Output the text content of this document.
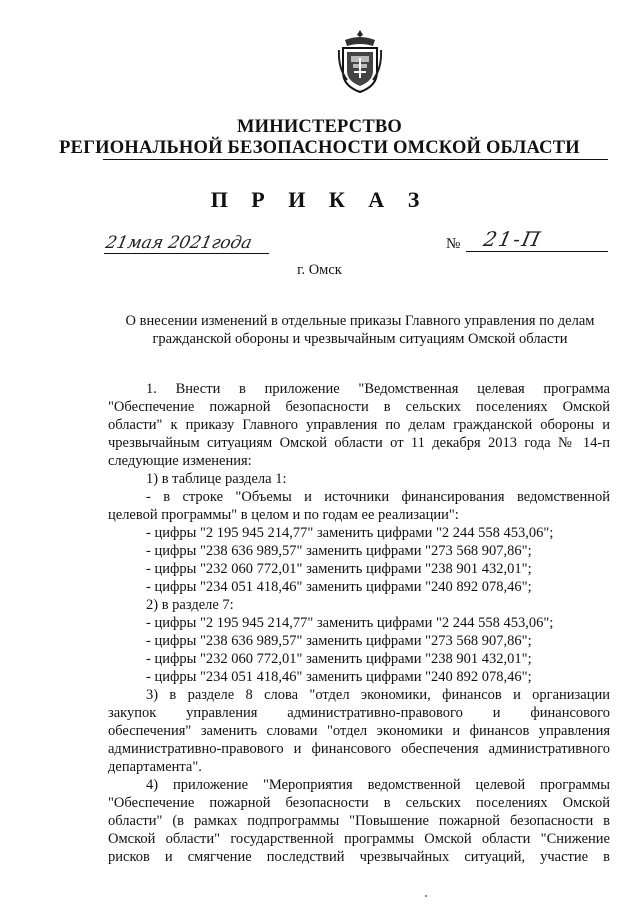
МИНИСТЕРСТВО
РЕГИОНАЛЬНОЙ БЕЗОПАСНОСТИ ОМСКОЙ ОБЛАСТИ
П Р И К А З
21мая 2021года	№ 21-П
г. Омск
О внесении изменений в отдельные приказы Главного управления по делам гражданской обороны и чрезвычайным ситуациям Омской области
1. Внести в приложение "Ведомственная целевая программа
"Обеспечение пожарной безопасности в сельских поселениях Омской
области" к приказу Главного управления по делам гражданской обороны и
чрезвычайным ситуациям Омской области от 11 декабря 2013 года № 14-п
следующие изменения:
1) в таблице раздела 1:
- в строке "Объемы и источники финансирования ведомственной
целевой программы" в целом и по годам ее реализации":
- цифры "2 195 945 214,77" заменить цифрами "2 244 558 453,06";
- цифры "238 636 989,57" заменить цифрами "273 568 907,86";
- цифры "232 060 772,01" заменить цифрами "238 901 432,01";
- цифры "234 051 418,46" заменить цифрами "240 892 078,46";
2) в разделе 7:
- цифры "2 195 945 214,77" заменить цифрами "2 244 558 453,06";
- цифры "238 636 989,57" заменить цифрами "273 568 907,86";
- цифры "232 060 772,01" заменить цифрами "238 901 432,01";
- цифры "234 051 418,46" заменить цифрами "240 892 078,46";
3) в разделе 8 слова "отдел экономики, финансов и организации
закупок управления административно-правового и финансового
обеспечения" заменить словами "отдел экономики и финансов управления
административно-правового и финансового обеспечения административного
департамента".
4) приложение "Мероприятия ведомственной целевой программы
"Обеспечение пожарной безопасности в сельских поселениях Омской
области" (в рамках подпрограммы "Повышение пожарной безопасности в
Омской области" государственной программы Омской области "Снижение
рисков и смягчение последствий чрезвычайных ситуаций, участие в
